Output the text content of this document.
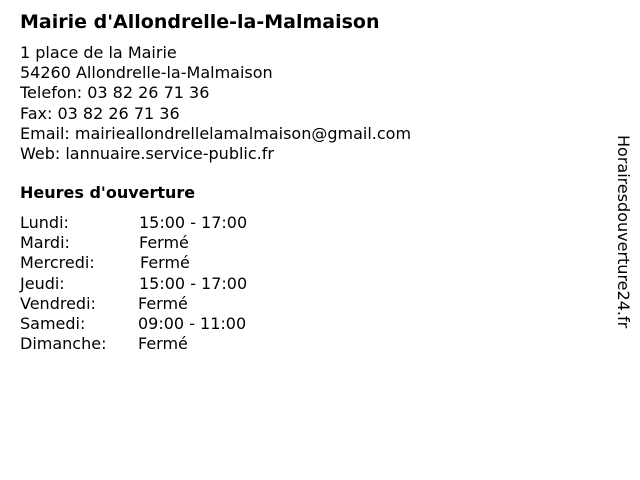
Mairie d'Allondrelle-la-Malmaison
1 place de la Mairie
54260 Allondrelle-la-Malmaison
Telefon: 03 82 26 71 36
Fax: 03 82 26 71 36
Email: mairieallondrellelamalmaison@gmail.com
Web: lannuaire.service-public.fr
Heures d'ouverture
Lundi:	15:00 - 17:00
Mardi:	Fermé
Mercredi:	Fermé
Jeudi:	15:00 - 17:00
Vendredi:	Fermé
Samedi:	09:00 - 11:00
Dimanche: Fermé
Horairesdouverture24.fr
